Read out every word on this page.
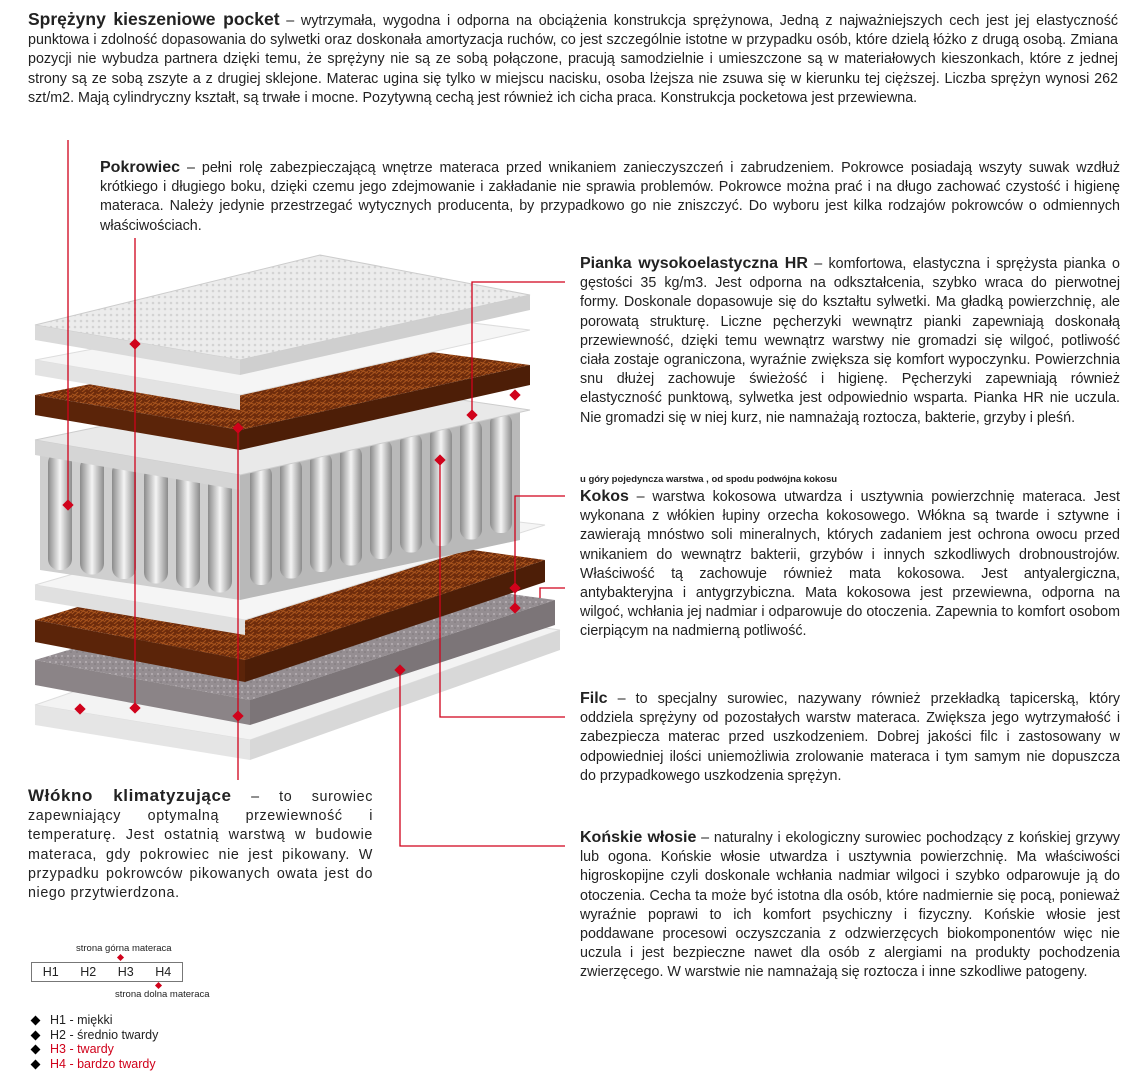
Sprężyny kieszeniowe pocket – wytrzymała, wygodna i odporna na obciążenia konstrukcja sprężynowa, Jedną z najważniejszych cech jest jej elastyczność punktowa i zdolność dopasowania do sylwetki oraz doskonała amortyzacja ruchów, co jest szczególnie istotne w przypadku osób, które dzielą łóżko z drugą osobą. Zmiana pozycji nie wybudza partnera dzięki temu, że sprężyny nie są ze sobą połączone, pracują samodzielnie i umieszczone są w materiałowych kieszonkach, które z jednej strony są ze sobą zszyte a z drugiej sklejone. Materac ugina się tylko w miejscu nacisku, osoba lżejsza nie zsuwa się w kierunku tej cięższej. Liczba sprężyn wynosi 262 szt/m2. Mają cylindryczny kształt, są trwałe i mocne. Pozytywną cechą jest również ich cicha praca. Konstrukcja pocketowa jest przewiewna.

Pokrowiec – pełni rolę zabezpieczającą wnętrze materaca przed wnikaniem zanieczyszczeń i zabrudzeniem. Pokrowce posiadają wszyty suwak wzdłuż krótkiego i długiego boku, dzięki czemu jego zdejmowanie i zakładanie nie sprawia problemów. Pokrowce można prać i na długo zachować czystość i higienę materaca. Należy jedynie przestrzegać wytycznych producenta, by przypadkowo go nie zniszczyć. Do wyboru jest kilka rodzajów pokrowców o odmiennych właściwościach.

Pianka wysokoelastyczna HR – komfortowa, elastyczna i sprężysta pianka o gęstości 35 kg/m3. Jest odporna na odkształcenia, szybko wraca do pierwotnej formy. Doskonale dopasowuje się do kształtu sylwetki. Ma gładką powierzchnię, ale porowatą strukturę. Liczne pęcherzyki wewnątrz pianki zapewniają doskonałą przewiewność, dzięki temu wewnątrz warstwy nie gromadzi się wilgoć, potliwość ciała zostaje ograniczona, wyraźnie zwiększa się komfort wypoczynku. Powierzchnia snu dłużej zachowuje świeżość i higienę. Pęcherzyki zapewniają również elastyczność punktową, sylwetka jest odpowiednio wsparta. Pianka HR nie uczula. Nie gromadzi się w niej kurz, nie namnażają roztocza, bakterie, grzyby i pleśń.

u góry pojedyncza warstwa , od spodu podwójna kokosu

Kokos – warstwa kokosowa utwardza i usztywnia powierzchnię materaca. Jest wykonana z włókien łupiny orzecha kokosowego. Włókna są twarde i sztywne i zawierają mnóstwo soli mineralnych, których zadaniem jest ochrona owocu przed wnikaniem do wewnątrz bakterii, grzybów i innych szkodliwych drobnoustrojów. Właściwość tą zachowuje również mata kokosowa. Jest antyalergiczna, antybakteryjna i antygrzybiczna. Mata kokosowa jest przewiewna, odporna na wilgoć, wchłania jej nadmiar i odparowuje do otoczenia. Zapewnia to komfort osobom cierpiącym na nadmierną potliwość.

Filc – to specjalny surowiec, nazywany również przekładką tapicerską, który oddziela sprężyny od pozostałych warstw materaca. Zwiększa jego wytrzymałość i zabezpiecza materac przed uszkodzeniem. Dobrej jakości filc i zastosowany w odpowiedniej ilości uniemożliwia zrolowanie materaca i tym samym nie dopuszcza do przypadkowego uszkodzenia sprężyn.

Końskie włosie – naturalny i ekologiczny surowiec pochodzący z końskiej grzywy lub ogona. Końskie włosie utwardza i usztywnia powierzchnię. Ma właściwości higroskopijne czyli doskonale wchłania nadmiar wilgoci i szybko odparowuje ją do otoczenia. Cecha ta może być istotna dla osób, które nadmiernie się pocą, ponieważ wyraźnie poprawi to ich komfort psychiczny i fizyczny. Końskie włosie jest poddawane procesowi oczyszczania z odzwierzęcych biokomponentów więc nie uczula i jest bezpieczne nawet dla osób z alergiami na produkty pochodzenia zwierzęcego. W warstwie nie namnażają się roztocza i inne szkodliwe patogeny.

Włókno klimatyzujące – to surowiec zapewniający optymalną przewiewność i temperaturę. Jest ostatnią warstwą w budowie materaca, gdy pokrowiec nie jest pikowany. W przypadku pokrowców pikowanych owata jest do niego przytwierdzona.

strona górna materaca
H1	H2	H3	H4
strona dolna materaca
H1 - miękki
H2 - średnio twardy
H3 - twardy
H4 - bardzo twardy
